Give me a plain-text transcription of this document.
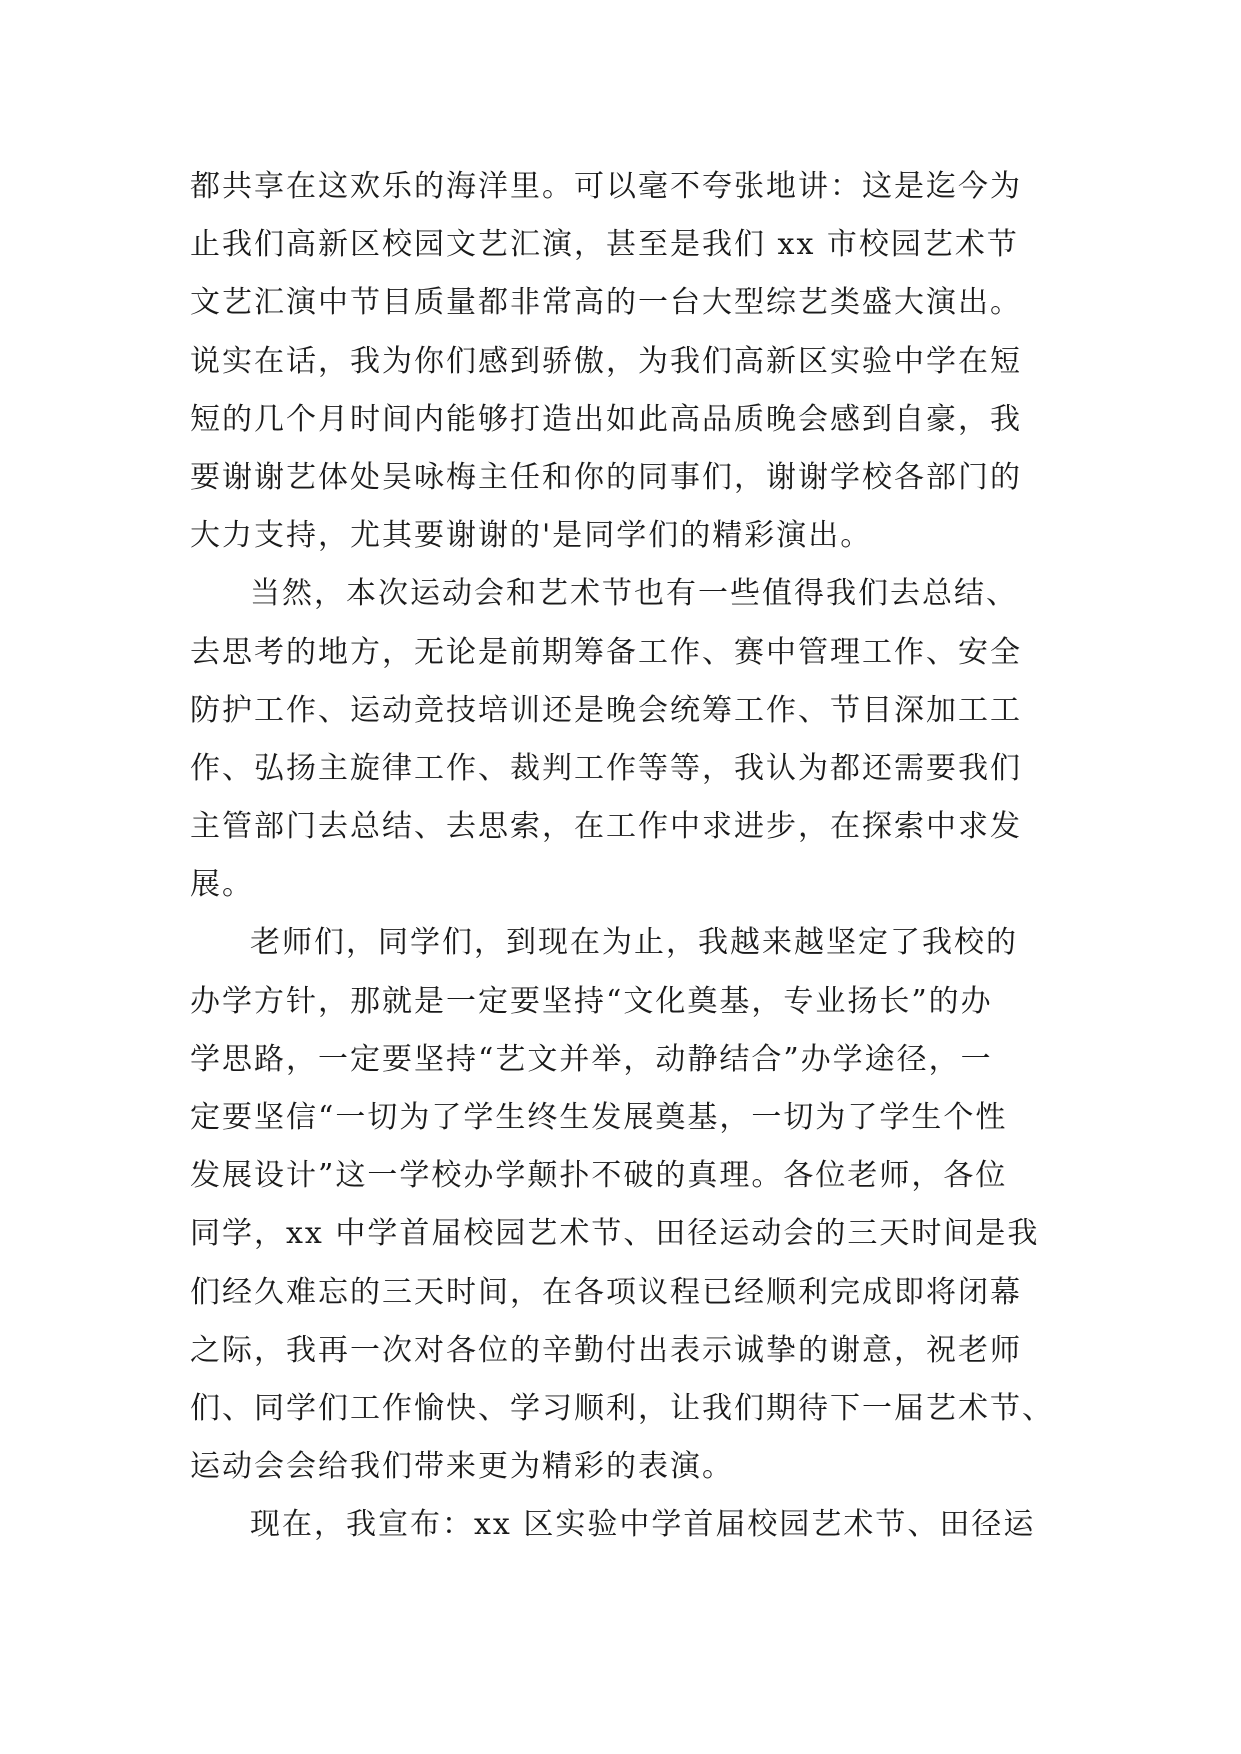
都共享在这欢乐的海洋里。可以毫不夸张地讲：这是迄今为
止我们高新区校园文艺汇演，甚至是我们 xx 市校园艺术节
文艺汇演中节目质量都非常高的一台大型综艺类盛大演出。
说实在话，我为你们感到骄傲，为我们高新区实验中学在短
短的几个月时间内能够打造出如此高品质晚会感到自豪，我
要谢谢艺体处吴咏梅主任和你的同事们，谢谢学校各部门的
大力支持，尤其要谢谢的'是同学们的精彩演出。
当然，本次运动会和艺术节也有一些值得我们去总结、
去思考的地方，无论是前期筹备工作、赛中管理工作、安全
防护工作、运动竞技培训还是晚会统筹工作、节目深加工工
作、弘扬主旋律工作、裁判工作等等，我认为都还需要我们
主管部门去总结、去思索，在工作中求进步，在探索中求发
展。
老师们，同学们，到现在为止，我越来越坚定了我校的
办学方针，那就是一定要坚持“文化奠基，专业扬长”的办
学思路，一定要坚持“艺文并举，动静结合”办学途径，一
定要坚信“一切为了学生终生发展奠基，一切为了学生个性
发展设计”这一学校办学颠扑不破的真理。各位老师，各位
同学，xx 中学首届校园艺术节、田径运动会的三天时间是我
们经久难忘的三天时间，在各项议程已经顺利完成即将闭幕
之际，我再一次对各位的辛勤付出表示诚挚的谢意，祝老师
们、同学们工作愉快、学习顺利，让我们期待下一届艺术节、
运动会会给我们带来更为精彩的表演。
现在，我宣布：xx 区实验中学首届校园艺术节、田径运
